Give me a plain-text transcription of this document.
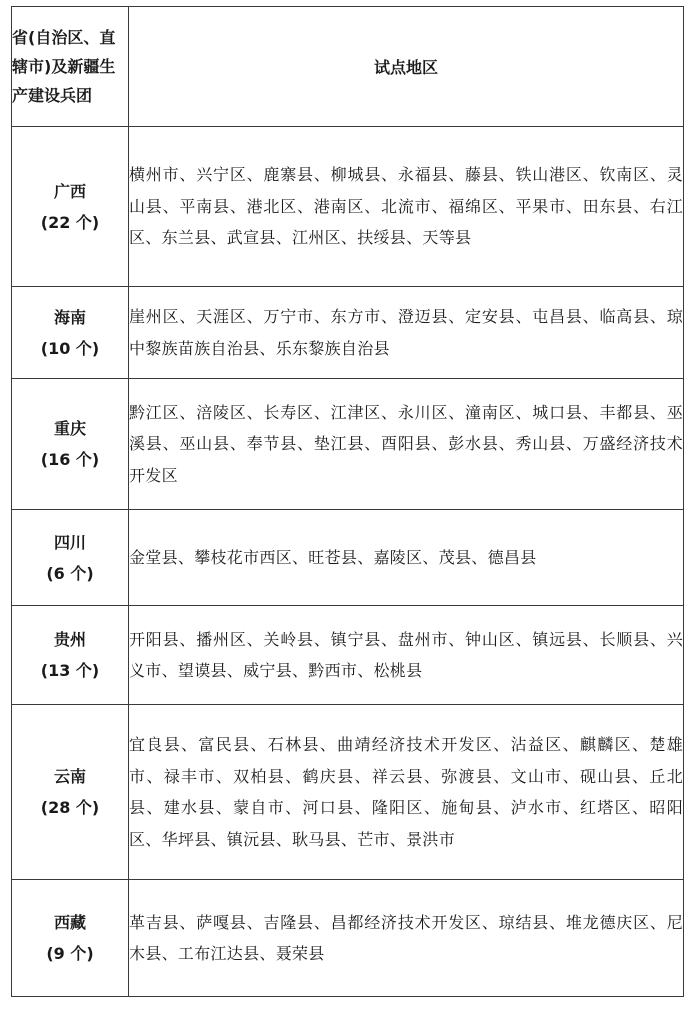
省(自治区、直辖市)及新疆生产建设兵团	试点地区

广西
(22 个)	横州市、兴宁区、鹿寨县、柳城县、永福县、藤县、铁山港区、钦南区、灵山县、平南县、港北区、港南区、北流市、福绵区、平果市、田东县、右江区、东兰县、武宣县、江州区、扶绥县、天等县

海南
(10 个)	崖州区、天涯区、万宁市、东方市、澄迈县、定安县、屯昌县、临高县、琼中黎族苗族自治县、乐东黎族自治县

重庆
(16 个)	黔江区、涪陵区、长寿区、江津区、永川区、潼南区、城口县、丰都县、巫溪县、巫山县、奉节县、垫江县、酉阳县、彭水县、秀山县、万盛经济技术开发区

四川
(6 个)	金堂县、攀枝花市西区、旺苍县、嘉陵区、茂县、德昌县

贵州
(13 个)	开阳县、播州区、关岭县、镇宁县、盘州市、钟山区、镇远县、长顺县、兴义市、望谟县、威宁县、黔西市、松桃县

云南
(28 个)	宜良县、富民县、石林县、曲靖经济技术开发区、沾益区、麒麟区、楚雄市、禄丰市、双柏县、鹤庆县、祥云县、弥渡县、文山市、砚山县、丘北县、建水县、蒙自市、河口县、隆阳区、施甸县、泸水市、红塔区、昭阳区、华坪县、镇沅县、耿马县、芒市、景洪市

西藏
(9 个)	革吉县、萨嘎县、吉隆县、昌都经济技术开发区、琼结县、堆龙德庆区、尼木县、工布江达县、聂荣县
